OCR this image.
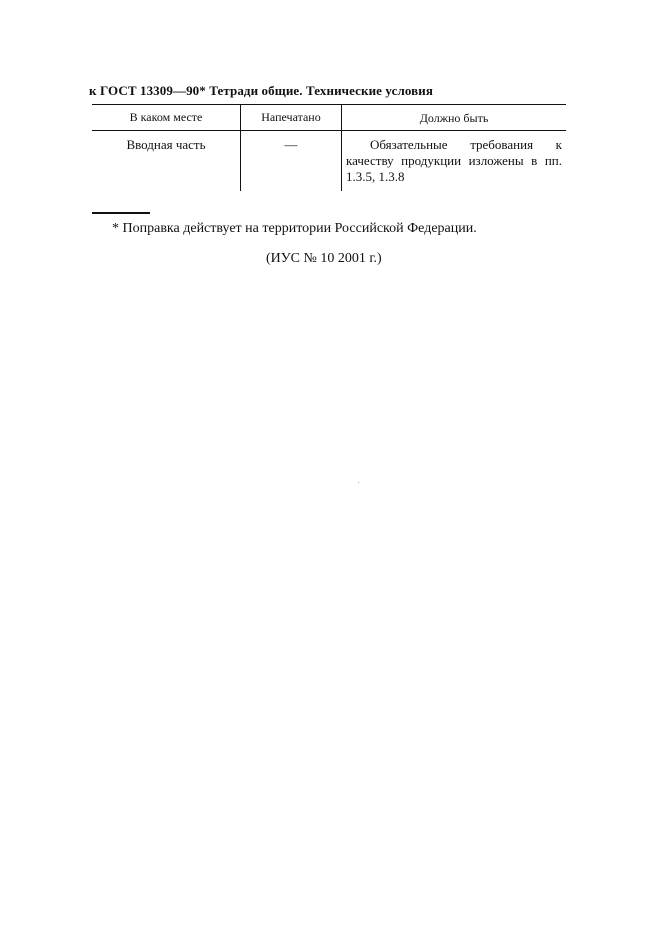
к ГОСТ 13309—90* Тетради общие. Технические условия
В каком месте	Напечатано	Должно быть
Вводная часть	—	Обязательные требования к качеству продукции изложены в пп. 1.3.5, 1.3.8
* Поправка действует на территории Российской Федерации.
(ИУС № 10 2001 г.)
